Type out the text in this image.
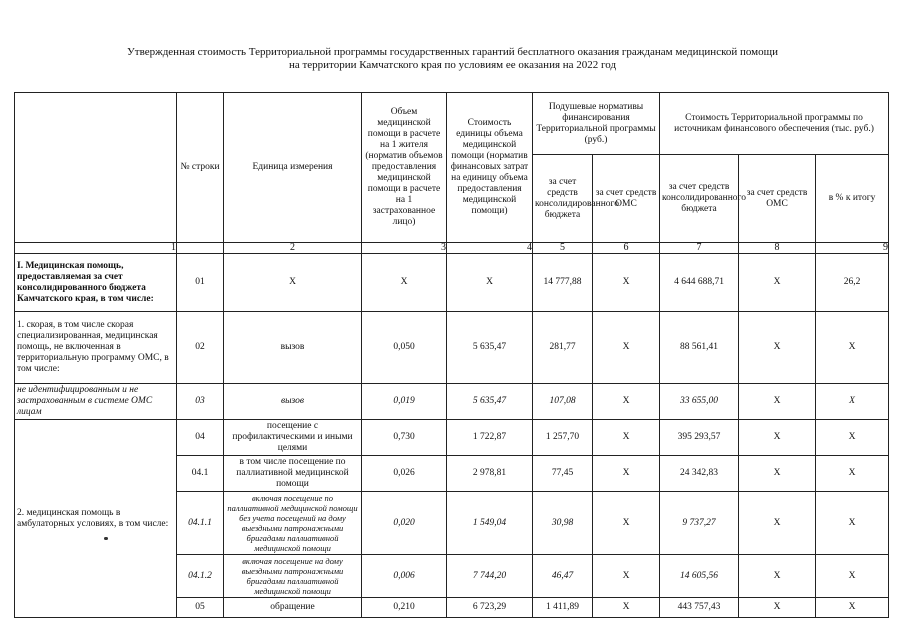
Утвержденная стоимость Территориальной программы государственных гарантий бесплатного оказания гражданам медицинской помощи
на территории Камчатского края по условиям ее оказания на 2022 год
	№ строки	Единица измерения	Объем медицинской помощи в расчете на 1 жителя (норматив объемов предоставления медицинской помощи в расчете на 1 застрахованное лицо)	Стоимость единицы объема медицинской помощи (норматив финансовых затрат на единицу объема предоставления медицинской помощи)	Подушевые нормативы финансирования Территориальной программы (руб.)		Стоимость Территориальной программы по источникам финансового обеспечения (тыс. руб.)		
					за счет средств консолидированного бюджета	за счет средств ОМС	за счет средств консолидированного бюджета	за счет средств ОМС	в % к итогу
1		2	3	4	5	6	7	8	9
I. Медицинская помощь, предоставляемая за счет консолидированного бюджета Камчатского края, в том числе:	01	X	X	X	14 777,88	X	4 644 688,71	X	26,2
1. скорая, в том числе скорая специализированная, медицинская помощь, не включенная в территориальную программу ОМС, в том числе:	02	вызов	0,050	5 635,47	281,77	X	88 561,41	X	X
не идентифицированным и не застрахованным в системе ОМС лицам	03	вызов	0,019	5 635,47	107,08	X	33 655,00	X	X
2. медицинская помощь в амбулаторных условиях, в том числе:	04	посещение с профилактическими и иными целями	0,730	1 722,87	1 257,70	X	395 293,57	X	X
	04.1	в том числе посещение по паллиативной медицинской помощи	0,026	2 978,81	77,45	X	24 342,83	X	X
	04.1.1	включая посещение по паллиативной медицинской помощи без учета посещений на дому выездными патронажными бригадами паллиативной медицинской помощи	0,020	1 549,04	30,98	X	9 737,27	X	X
	04.1.2	включая посещение на дому выездными патронажными бригадами паллиативной медицинской помощи	0,006	7 744,20	46,47	X	14 605,56	X	X
	05	обращение	0,210	6 723,29	1 411,89	X	443 757,43	X	X
